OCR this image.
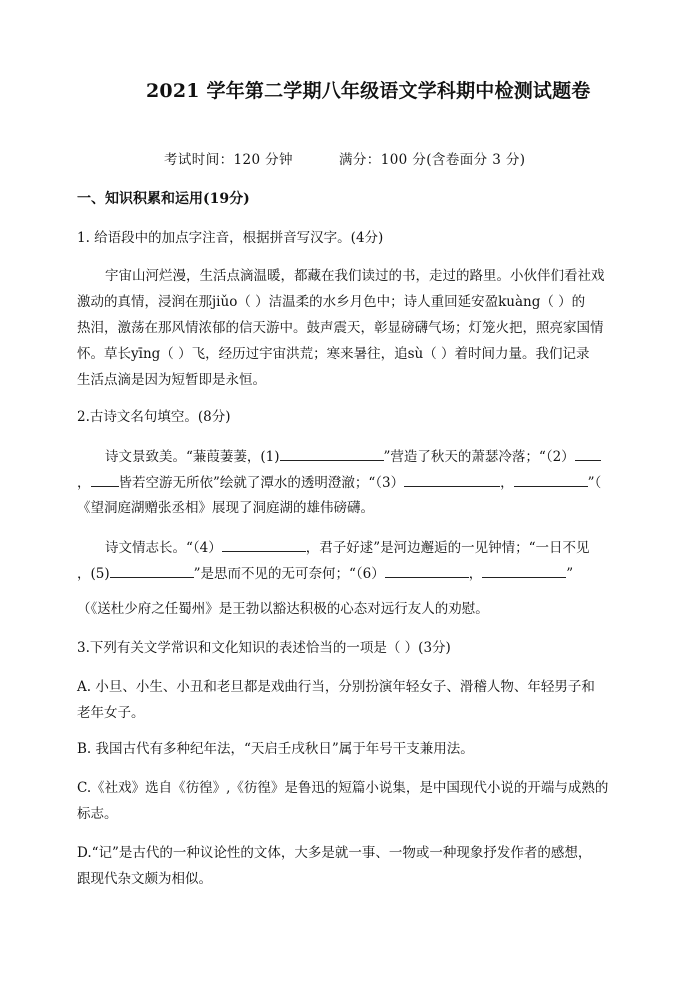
2021 学年第二学期八年级语文学科期中检测试题卷
考试时间：120 分钟	满分：100 分(含卷面分 3 分)
一、知识积累和运用(19分)
1. 给语段中的加点字注音，根据拼音写汉字。(4分)
宇宙山河烂漫，生活点滴温暖，都藏在我们读过的书，走过的路里。小伙伴们看社戏
激动的真情，浸润在那jiǔo（ ）洁温柔的水乡月色中；诗人重回延安盈kuàng（ ）的
热泪，激荡在那风情浓郁的信天游中。鼓声震天，彰显磅礴气场；灯笼火把，照亮家国情
怀。草长yīng（ ）飞，经历过宇宙洪荒；寒来暑往，追sù（ ）着时间力量。我们记录
生活点滴是因为短暂即是永恒。
2.古诗文名句填空。(8分)
诗文景致美。“蒹葭萋萋，(1)	”营造了秋天的萧瑟冷落；“（2）
， 皆若空游无所依”绘就了潭水的透明澄澈；“（3）	，	”（
《望洞庭湖赠张丞相》展现了洞庭湖的雄伟磅礴。
诗文情志长。“（4）	，君子好逑”是河边邂逅的一见钟情；“一日不见
，(5)	”是思而不见的无可奈何；“（6）	，	”
（《送杜少府之任蜀州》是王勃以豁达积极的心态对远行友人的劝慰。
3.下列有关文学常识和文化知识的表述恰当的一项是（ ）(3分)
A. 小旦、小生、小丑和老旦都是戏曲行当，分别扮演年轻女子、滑稽人物、年轻男子和
老年女子。
B. 我国古代有多种纪年法，“天启壬戌秋日”属于年号干支兼用法。
C.《社戏》选自《彷徨》,《彷徨》是鲁迅的短篇小说集，是中国现代小说的开端与成熟的
标志。
D.“记”是古代的一种议论性的文体，大多是就一事、一物或一种现象抒发作者的感想，
跟现代杂文颇为相似。
